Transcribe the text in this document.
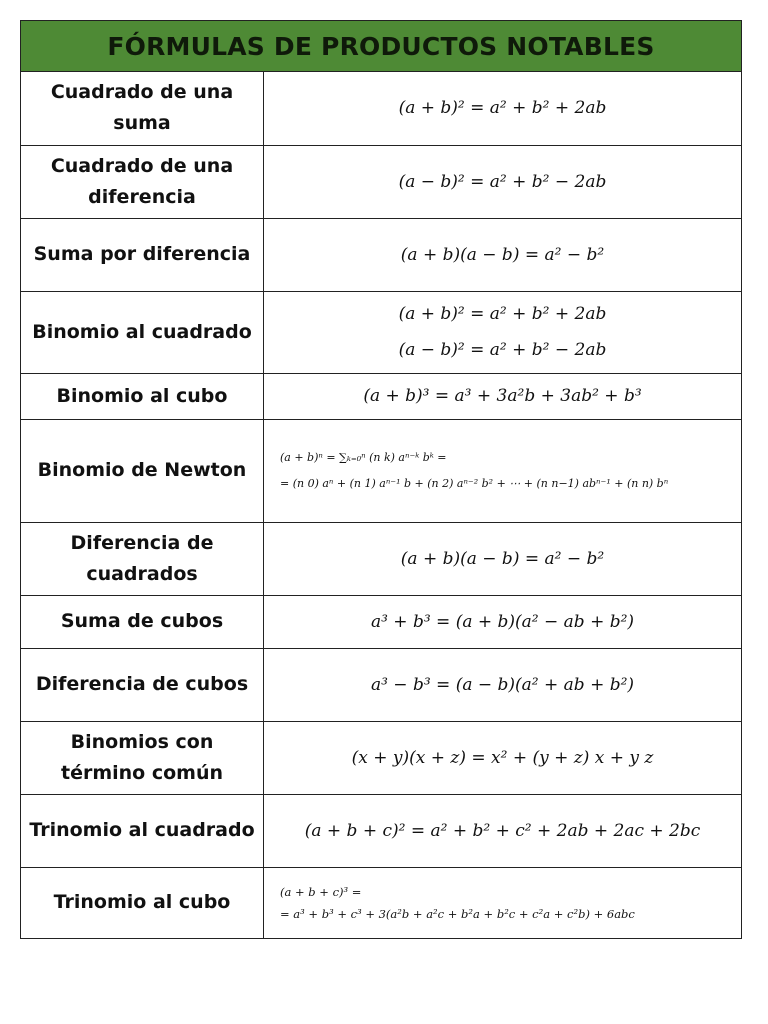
FÓRMULAS DE PRODUCTOS NOTABLES
Cuadrado de una suma	(a + b)² = a² + b² + 2ab

Cuadrado de una diferencia	(a − b)² = a² + b² − 2ab

Suma por diferencia	(a + b)(a − b) = a² − b²

Binomio al cuadrado	(a + b)² = a² + b² + 2ab
(a − b)² = a² + b² − 2ab

Binomio al cubo	(a + b)³ = a³ + 3a²b + 3ab² + b³

Binomio de Newton	(a + b)ⁿ = ∑ₖ₌₀ⁿ (n k) aⁿ⁻ᵏ bᵏ =
= (n 0) aⁿ + (n 1) aⁿ⁻¹ b + (n 2) aⁿ⁻² b² + ⋯ + (n n−1) abⁿ⁻¹ + (n n) bⁿ

Diferencia de cuadrados	(a + b)(a − b) = a² − b²

Suma de cubos	a³ + b³ = (a + b)(a² − ab + b²)

Diferencia de cubos	a³ − b³ = (a − b)(a² + ab + b²)

Binomios con término común	(x + y)(x + z) = x² + (y + z) x + y z

Trinomio al cuadrado	(a + b + c)² = a² + b² + c² + 2ab + 2ac + 2bc

Trinomio al cubo	(a + b + c)³ =
= a³ + b³ + c³ + 3(a²b + a²c + b²a + b²c + c²a + c²b) + 6abc
